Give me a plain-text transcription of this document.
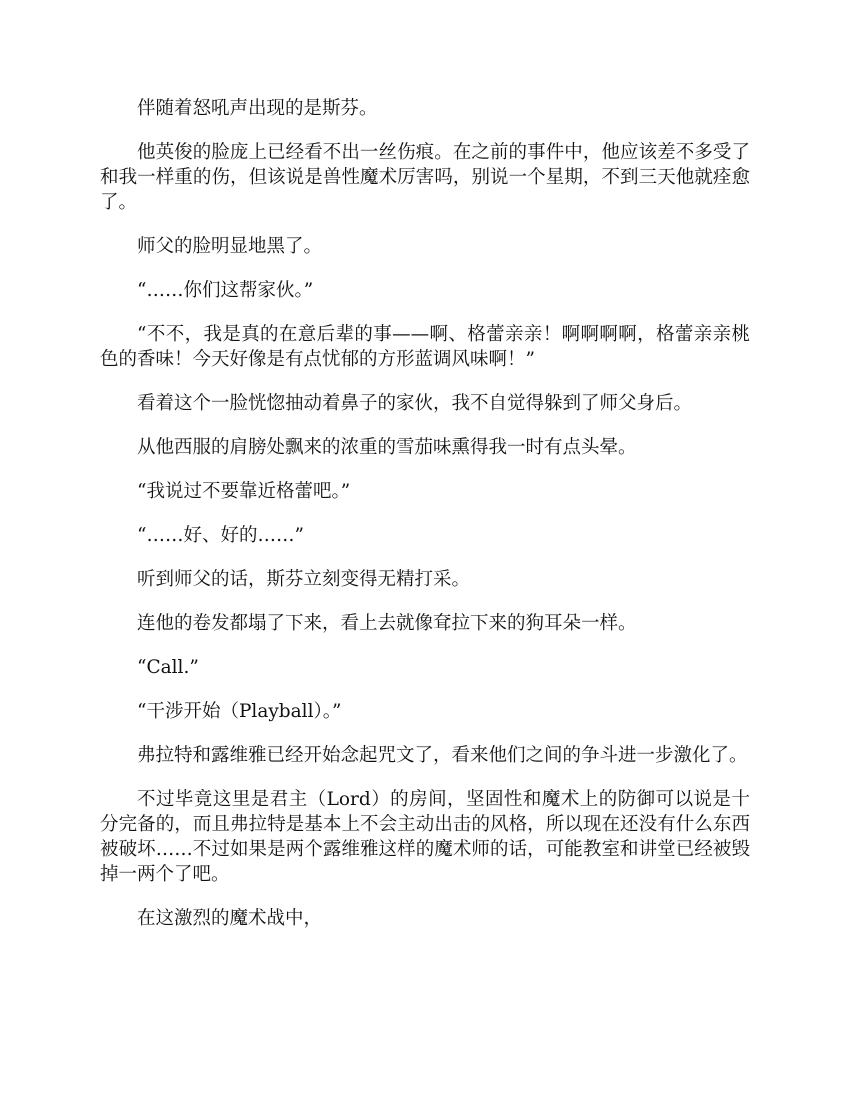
伴随着怒吼声出现的是斯芬。

他英俊的脸庞上已经看不出一丝伤痕。在之前的事件中，他应该差不多受了和我一样重的伤，但该说是兽性魔术厉害吗，别说一个星期，不到三天他就痊愈了。

师父的脸明显地黑了。

“……你们这帮家伙。”

“不不，我是真的在意后辈的事——啊、格蕾亲亲！啊啊啊啊，格蕾亲亲桃色的香味！今天好像是有点忧郁的方形蓝调风味啊！”

看着这个一脸恍惚抽动着鼻子的家伙，我不自觉得躲到了师父身后。

从他西服的肩膀处飘来的浓重的雪茄味熏得我一时有点头晕。

“我说过不要靠近格蕾吧。”

“……好、好的……”

听到师父的话，斯芬立刻变得无精打采。

连他的卷发都塌了下来，看上去就像耷拉下来的狗耳朵一样。

“Call.”

“干涉开始（Playball）。”

弗拉特和露维雅已经开始念起咒文了，看来他们之间的争斗进一步激化了。

不过毕竟这里是君主（Lord）的房间，坚固性和魔术上的防御可以说是十分完备的，而且弗拉特是基本上不会主动出击的风格，所以现在还没有什么东西被破坏……不过如果是两个露维雅这样的魔术师的话，可能教室和讲堂已经被毁掉一两个了吧。

在这激烈的魔术战中，
